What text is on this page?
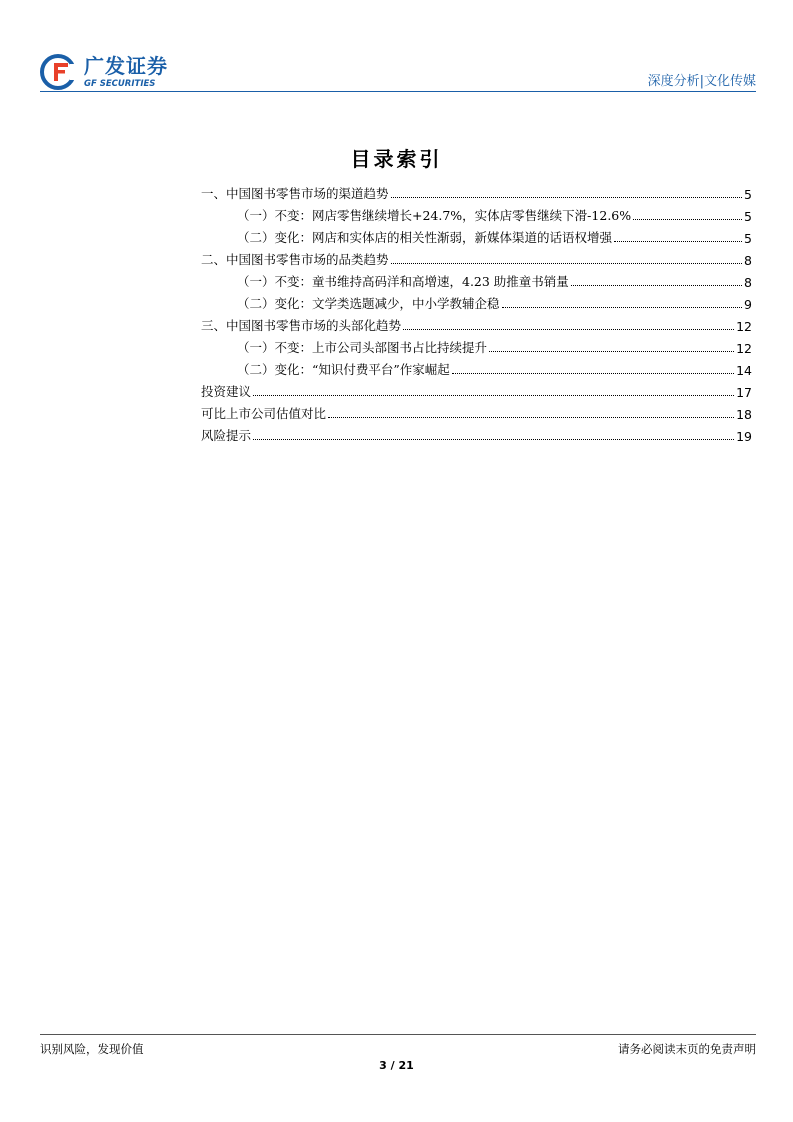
广发证券
GF SECURITIES	深度分析|文化传媒
目录索引
一、中国图书零售市场的渠道趋势	5
（一）不变：网店零售继续增长+24.7%，实体店零售继续下滑-12.6%	5
（二）变化：网店和实体店的相关性渐弱，新媒体渠道的话语权增强	5
二、中国图书零售市场的品类趋势	8
（一）不变：童书维持高码洋和高增速，4.23 助推童书销量	8
（二）变化：文学类选题减少，中小学教辅企稳	9
三、中国图书零售市场的头部化趋势	12
（一）不变：上市公司头部图书占比持续提升	12
（二）变化：“知识付费平台”作家崛起	14
投资建议	17
可比上市公司估值对比	18
风险提示	19
识别风险，发现价值	请务必阅读末页的免责声明
3 / 21
